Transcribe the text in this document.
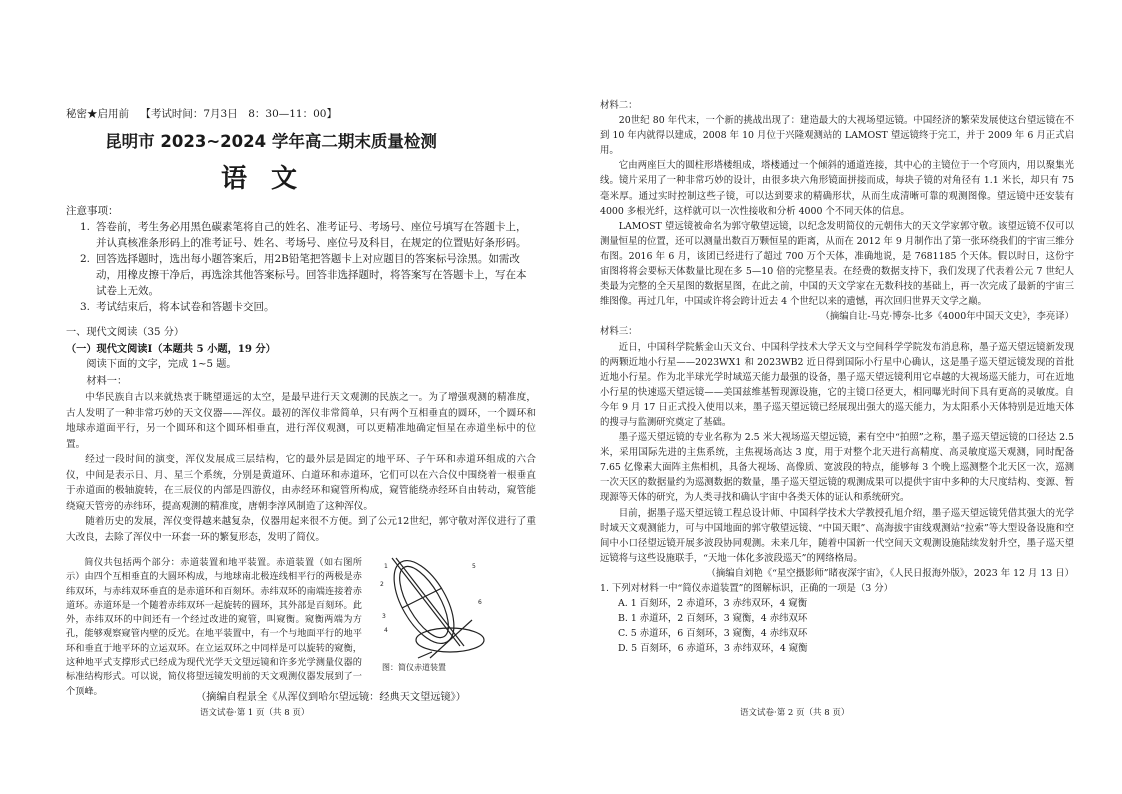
秘密★启用前 【考试时间：7月3日　8：30—11：00】
昆明市 2023~2024 学年高二期末质量检测
语文
注意事项：
1. 答卷前，考生务必用黑色碳素笔将自己的姓名、准考证号、考场号、座位号填写在答题卡上，并认真核准条形码上的准考证号、姓名、考场号、座位号及科目，在规定的位置贴好条形码。
2. 回答选择题时，选出每小题答案后，用2B铅笔把答题卡上对应题目的答案标号涂黑。如需改动，用橡皮擦干净后，再选涂其他答案标号。回答非选择题时，将答案写在答题卡上，写在本试卷上无效。
3. 考试结束后，将本试卷和答题卡交回。

一、现代文阅读（35 分）

（一）现代文阅读Ⅰ（本题共 5 小题，19 分）

阅读下面的文字，完成 1~5 题。

材料一：

中华民族自古以来就热衷于眺望遥远的太空，是最早进行天文观测的民族之一。为了增强观测的精准度，古人发明了一种非常巧妙的天文仪器——浑仪。最初的浑仪非常简单，只有两个互相垂直的圆环，一个圆环和地球赤道面平行，另一个圆环和这个圆环相垂直，进行浑仪观测，可以更精准地确定恒星在赤道坐标中的位置。

经过一段时间的演变，浑仪发展成三层结构，它的最外层是固定的地平环、子午环和赤道环组成的六合仪，中间是表示日、月、星三个系统，分别是黄道环、白道环和赤道环，它们可以在六合仪中围绕着一根垂直于赤道面的极轴旋转，在三辰仪的内部是四游仪，由赤经环和窥管所构成，窥管能绕赤经环自由转动，窥管能绕窥天管旁的赤纬环，提高观测的精准度，唐朝李淳风制造了这种浑仪。

随着历史的发展，浑仪变得越来越复杂，仪器用起来很不方便。到了公元12世纪，郭守敬对浑仪进行了重大改良，去除了浑仪中一环套一环的繁复形态，发明了简仪。

简仪共包括两个部分：赤道装置和地平装置。赤道装置（如右图所示）由四个互相垂直的大圆环构成，与地球南北极连线相平行的两极是赤纬双环，与赤纬双环垂直的是赤道环和百刻环。赤纬双环的南端连接着赤道环。赤道环是一个随着赤纬双环一起旋转的圆环，其外部是百刻环。此外，赤纬双环的中间还有一个经过改进的窥管，叫窥衡。窥衡两端为方孔，能够观察窥管内壁的反光。在地平装置中，有一个与地面平行的地平环和垂直于地平环的立运双环。在立运双环之中同样是可以旋转的窥衡，这种地平式支撑形式已经成为现代光学天文望远镜和许多光学测量仪器的标准结构形式。可以说，简仪将望远镜发明前的天文观测仪器发展到了一个顶峰。

1
2
3
4
5
6
图：简仪赤道装置
（摘编自程景全《从浑仪到哈尔望远镜：经典天文望远镜》）
语文试卷·第 1 页（共 8 页）

材料二：

20世纪 80 年代末，一个新的挑战出现了：建造最大的大视场望远镜。中国经济的繁荣发展使这台望远镜在不到 10 年内就得以建成，2008 年 10 月位于兴隆观测站的 LAMOST 望远镜终于完工，并于 2009 年 6 月正式启用。

它由两座巨大的圆柱形塔楼组成，塔楼通过一个倾斜的通道连接，其中心的主镜位于一个穹顶内，用以聚集光线。镜片采用了一种非常巧妙的设计，由很多块六角形镜面拼接而成，每块子镜的对角径有 1.1 米长，却只有 75 毫米厚。通过实时控制这些子镜，可以达到要求的精确形状，从而生成清晰可靠的观测图像。望远镜中还安装有 4000 多根光纤，这样就可以一次性接收和分析 4000 个不同天体的信息。

LAMOST 望远镜被命名为郭守敬望远镜，以纪念发明简仪的元朝伟大的天文学家郭守敬。该望远镜不仅可以测量恒星的位置，还可以测量出数百万颗恒星的距离，从而在 2012 年 9 月制作出了第一张环绕我们的宇宙三维分布图。2016 年 6 月，该团已经进行了超过 700 万个天体，准确地说，是 7681185 个天体。假以时日，这份宇宙图将将会要标天体数量比现在多 5—10 倍的完整星表。在经费的数据支持下，我们发现了代表着公元 7 世纪人类最为完整的全天星图的数据星图，在此之前，中国的天文学家在无数科技的基础上，再一次完成了最新的宇宙三维图像。再过几年，中国或许将会跨计近去 4 个世纪以来的遗憾，再次回归世界天文学之巅。

（摘编自让-马克·博奈-比多《4000年中国天文史》，李亮译）

材料三：

近日，中国科学院紫金山天文台、中国科学技术大学天文与空间科学学院发布消息称，墨子巡天望远镜新发现的两颗近地小行星——2023WX1 和 2023WB2 近日得到国际小行星中心确认，这是墨子巡天望远镜发现的首批近地小行星。作为北半球光学时域巡天能力最强的设备，墨子巡天望远镜利用它卓越的大视场巡天能力，可在近地小行星的快速巡天望远镜——美国兹维基暂现源设施，它的主镜口径更大，相同曝光时间下具有更高的灵敏度。自今年 9 月 17 日正式投入使用以来，墨子巡天望远镜已经展现出强大的巡天能力，为太阳系小天体特别是近地天体的搜寻与监测研究奠定了基础。

墨子巡天望远镜的专业名称为 2.5 米大视场巡天望远镜，素有空中“拍照”之称，墨子巡天望远镜的口径达 2.5 米，采用国际先进的主焦系统，主焦视场高达 3 度，用于对整个北天进行高精度、高灵敏度巡天观测，同时配备 7.65 亿像素大面阵主焦相机，具备大视场、高像质、宽波段的特点，能够每 3 个晚上巡测整个北天区一次，巡测一次天区的数据量约为巡测数据的数量，墨子巡天望远镜的观测成果可以提供宇宙中多种的大尺度结构、变源、暂现源等天体的研究，为人类寻找和确认宇宙中各类天体的证认和系统研究。

目前，据墨子巡天望远镜工程总设计师、中国科学技术大学教授孔旭介绍，墨子巡天望远镜凭借其强大的光学时域天文观测能力，可与中国地面的郭守敬望远镜、“中国天眼”、高海拔宇宙线观测站“拉索”等大型设备设施和空间中小口径望远镜开展多波段协同观测。未来几年，随着中国新一代空间天文观测设施陆续发射升空，墨子巡天望远镜将与这些设施联手，“天地一体化多波段巡天”的网络格局。

（摘编自刘艳《“星空摄影师”睹夜深宇宙》，《人民日报海外版》，2023 年 12 月 13 日）

1. 下列对材料一中“简仪赤道装置”的图解标识，正确的一项是（3 分）

A. 1 百刻环，2 赤道环，3 赤纬双环，4 窥衡

B. 1 赤道环，2 百刻环，3 窥衡，4 赤纬双环

C. 5 赤道环，6 百刻环，3 窥衡，4 赤纬双环

D. 5 百刻环，6 赤道环，3 赤纬双环，4 窥衡

语文试卷·第 2 页（共 8 页）
